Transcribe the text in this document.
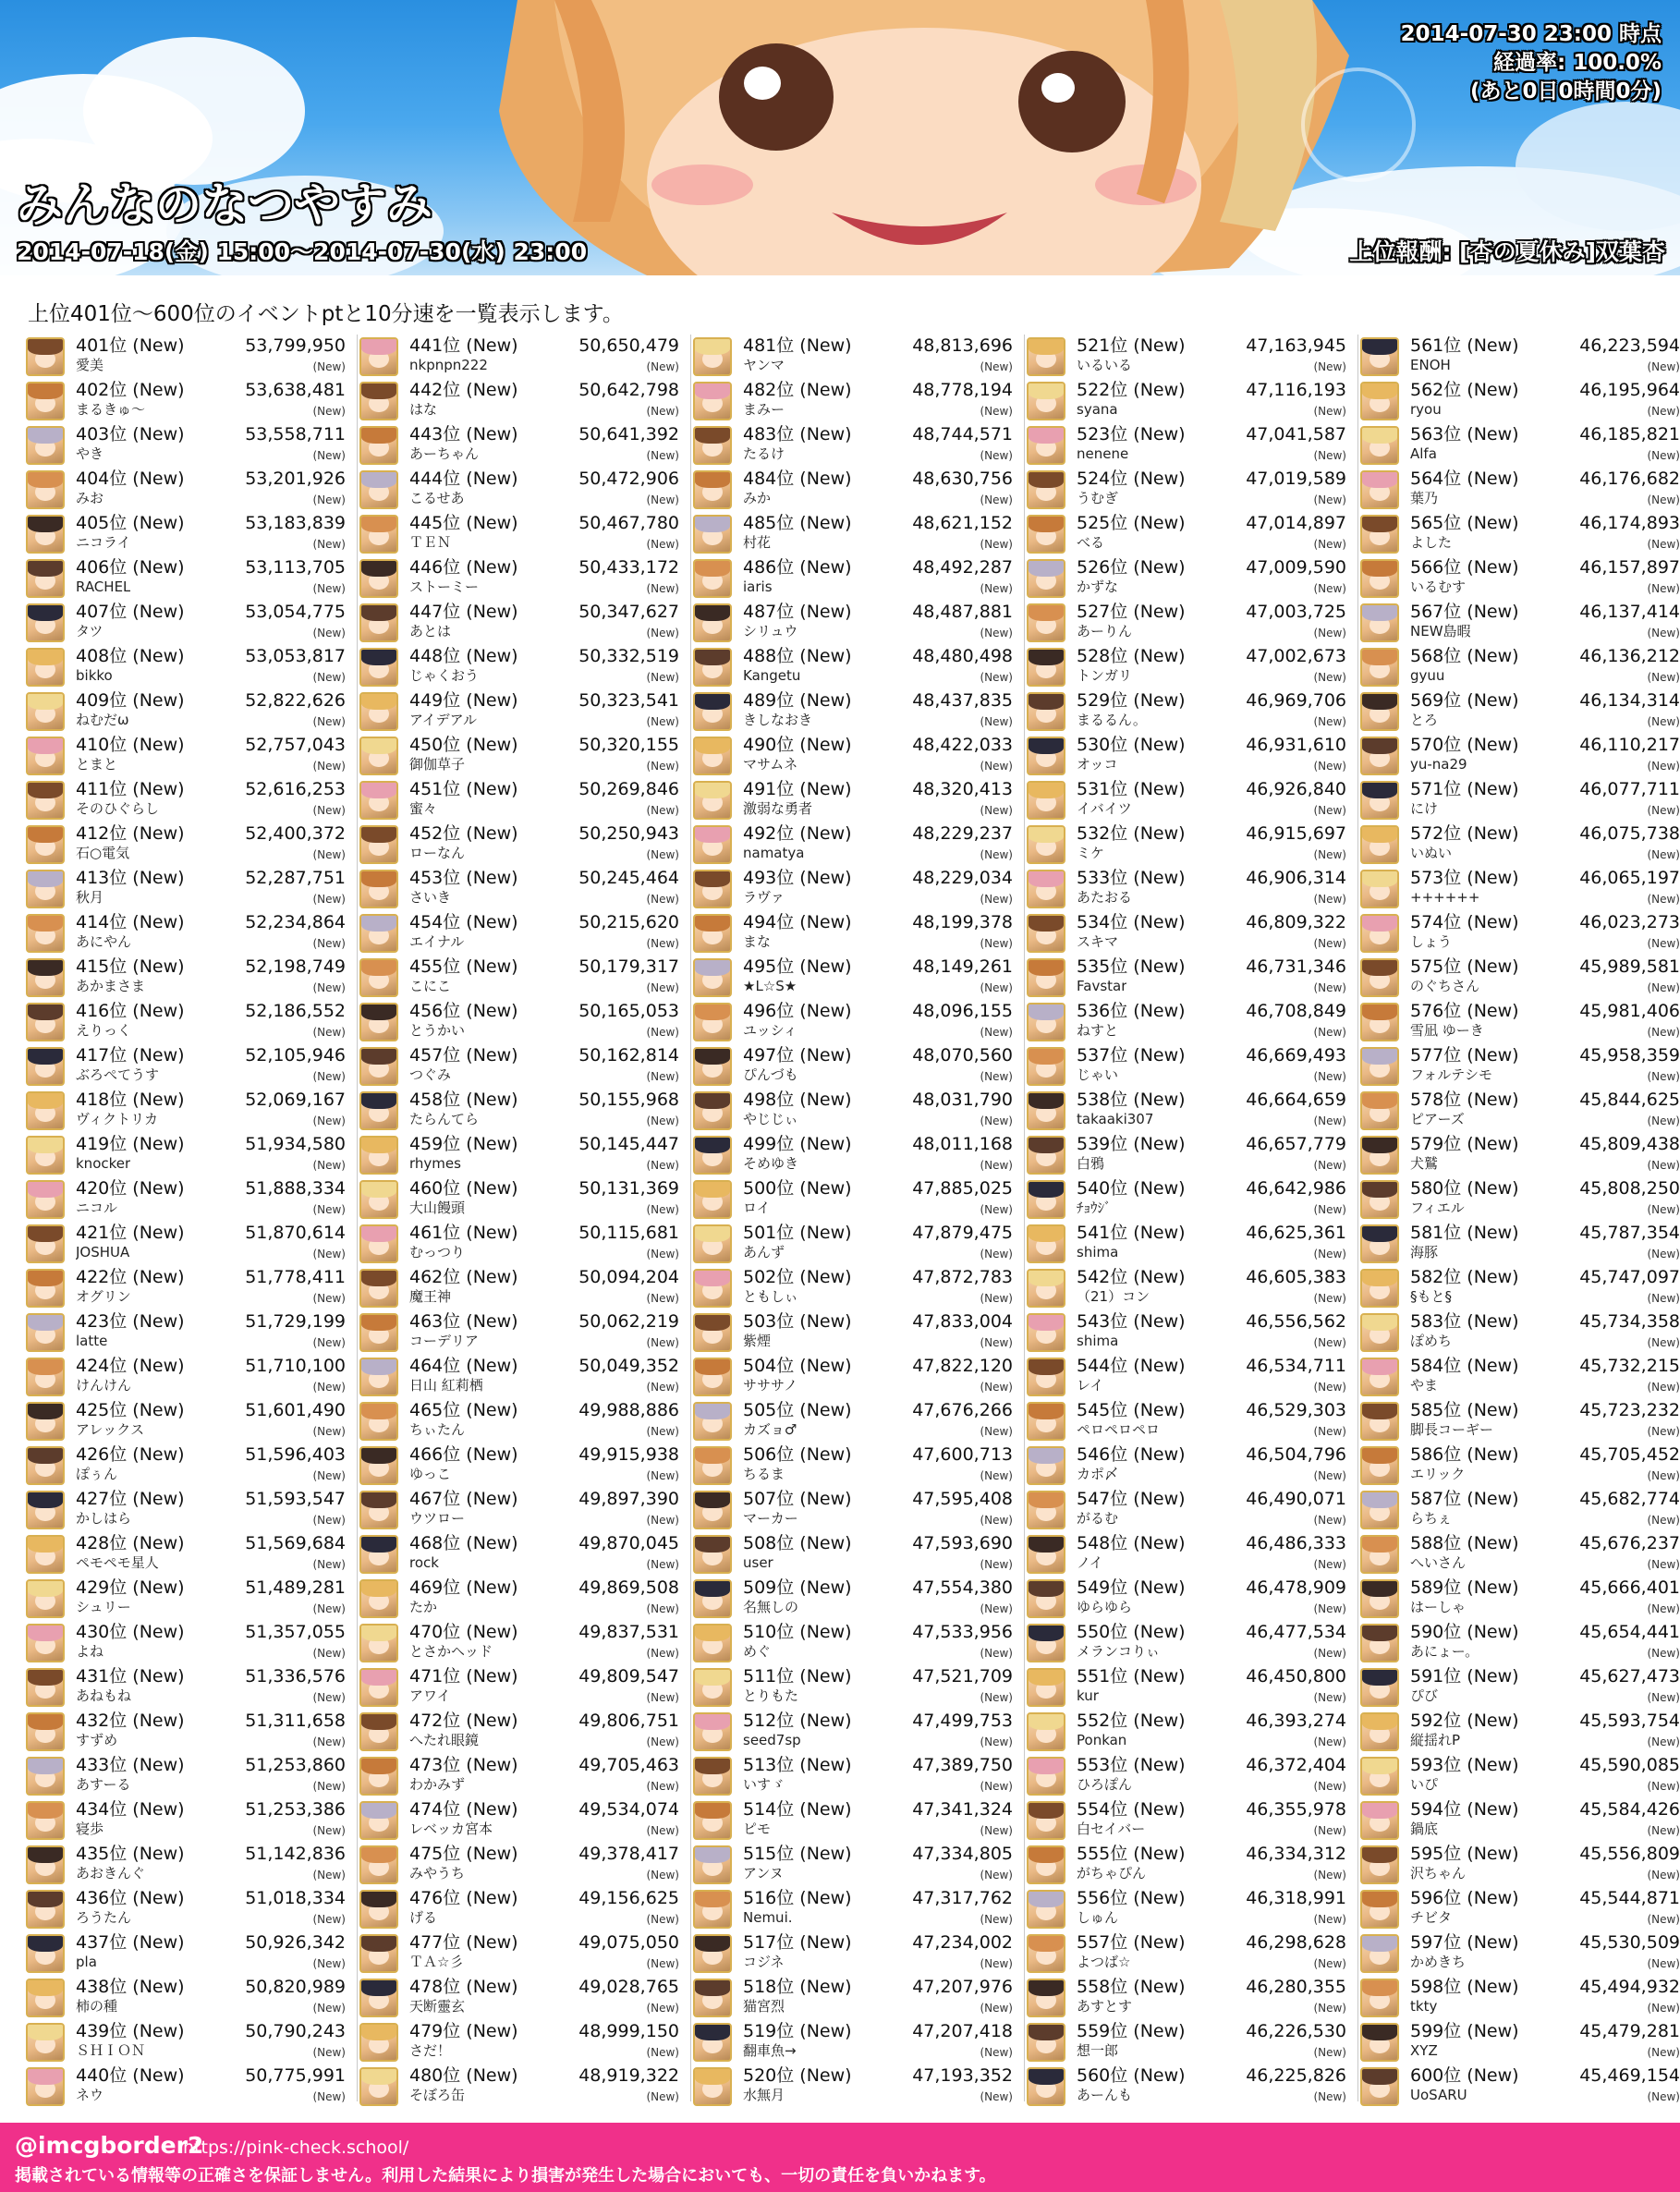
みんなのなつやすみ
2014-07-18(金) 15:00〜2014-07-30(水) 23:00	上位報酬: [杏の夏休み]双葉杏
2014-07-30 23:00 時点
経過率: 100.0%
(あと0日0時間0分)
上位401位〜600位のイベントptと10分速を一覧表示します。
401位 (New)	53,799,950
愛美	(New)
402位 (New)	53,638,481
まるきゅ〜	(New)
403位 (New)	53,558,711
やき	(New)
404位 (New)	53,201,926
みお	(New)
405位 (New)	53,183,839
ニコライ	(New)
406位 (New)	53,113,705
RACHEL	(New)
407位 (New)	53,054,775
タツ	(New)
408位 (New)	53,053,817
bikko	(New)
409位 (New)	52,822,626
ねむだω	(New)
410位 (New)	52,757,043
とまと	(New)
411位 (New)	52,616,253
そのひぐらし	(New)
412位 (New)	52,400,372
石○電気	(New)
413位 (New)	52,287,751
秋月	(New)
414位 (New)	52,234,864
あにやん	(New)
415位 (New)	52,198,749
あかまさま	(New)
416位 (New)	52,186,552
えりっく	(New)
417位 (New)	52,105,946
ぶろぺてうす	(New)
418位 (New)	52,069,167
ヴィクトリカ	(New)
419位 (New)	51,934,580
knocker	(New)
420位 (New)	51,888,334
ニコル	(New)
421位 (New)	51,870,614
JOSHUA	(New)
422位 (New)	51,778,411
オグリン	(New)
423位 (New)	51,729,199
latte	(New)
424位 (New)	51,710,100
けんけん	(New)
425位 (New)	51,601,490
アレックス	(New)
426位 (New)	51,596,403
ぽぅん	(New)
427位 (New)	51,593,547
かしはら	(New)
428位 (New)	51,569,684
ペモペモ星人	(New)
429位 (New)	51,489,281
シュリー	(New)
430位 (New)	51,357,055
よね	(New)
431位 (New)	51,336,576
あねもね	(New)
432位 (New)	51,311,658
すずめ	(New)
433位 (New)	51,253,860
あすーる	(New)
434位 (New)	51,253,386
寝歩	(New)
435位 (New)	51,142,836
あおきんぐ	(New)
436位 (New)	51,018,334
ろうたん	(New)
437位 (New)	50,926,342
pla	(New)
438位 (New)	50,820,989
柿の種	(New)
439位 (New)	50,790,243
ＳＨＩＯＮ	(New)
440位 (New)	50,775,991
ネウ	(New)
441位 (New)	50,650,479
nkpnpn222	(New)
442位 (New)	50,642,798
はな	(New)
443位 (New)	50,641,392
あーちゃん	(New)
444位 (New)	50,472,906
こるせあ	(New)
445位 (New)	50,467,780
ＴＥＮ	(New)
446位 (New)	50,433,172
ストーミー	(New)
447位 (New)	50,347,627
あとは	(New)
448位 (New)	50,332,519
じゃくおう	(New)
449位 (New)	50,323,541
アイデアル	(New)
450位 (New)	50,320,155
御伽草子	(New)
451位 (New)	50,269,846
蜜々	(New)
452位 (New)	50,250,943
ローなん	(New)
453位 (New)	50,245,464
さいき	(New)
454位 (New)	50,215,620
エイナル	(New)
455位 (New)	50,179,317
こにこ	(New)
456位 (New)	50,165,053
とうかい	(New)
457位 (New)	50,162,814
つぐみ	(New)
458位 (New)	50,155,968
たらんてら	(New)
459位 (New)	50,145,447
rhymes	(New)
460位 (New)	50,131,369
大山饅頭	(New)
461位 (New)	50,115,681
むっつり	(New)
462位 (New)	50,094,204
魔王神	(New)
463位 (New)	50,062,219
コーデリア	(New)
464位 (New)	50,049,352
日山 紅莉栖	(New)
465位 (New)	49,988,886
ちぃたん	(New)
466位 (New)	49,915,938
ゆっこ	(New)
467位 (New)	49,897,390
ウツロー	(New)
468位 (New)	49,870,045
rock	(New)
469位 (New)	49,869,508
たか	(New)
470位 (New)	49,837,531
とさかヘッド	(New)
471位 (New)	49,809,547
アワイ	(New)
472位 (New)	49,806,751
へたれ眼鏡	(New)
473位 (New)	49,705,463
わかみず	(New)
474位 (New)	49,534,074
レベッカ宮本	(New)
475位 (New)	49,378,417
みやうち	(New)
476位 (New)	49,156,625
げる	(New)
477位 (New)	49,075,050
ＴＡ☆彡	(New)
478位 (New)	49,028,765
天断靈玄	(New)
479位 (New)	48,999,150
さだ！	(New)
480位 (New)	48,919,322
そぼろ缶	(New)
481位 (New)	48,813,696
ヤンマ	(New)
482位 (New)	48,778,194
まみー	(New)
483位 (New)	48,744,571
たるけ	(New)
484位 (New)	48,630,756
みか	(New)
485位 (New)	48,621,152
村花	(New)
486位 (New)	48,492,287
iaris	(New)
487位 (New)	48,487,881
シリュウ	(New)
488位 (New)	48,480,498
Kangetu	(New)
489位 (New)	48,437,835
きしなおき	(New)
490位 (New)	48,422,033
マサムネ	(New)
491位 (New)	48,320,413
激弱な勇者	(New)
492位 (New)	48,229,237
namatya	(New)
493位 (New)	48,229,034
ラヴァ	(New)
494位 (New)	48,199,378
まな	(New)
495位 (New)	48,149,261
★L☆S★	(New)
496位 (New)	48,096,155
ユッシィ	(New)
497位 (New)	48,070,560
ぴんづも	(New)
498位 (New)	48,031,790
やじじぃ	(New)
499位 (New)	48,011,168
そめゆき	(New)
500位 (New)	47,885,025
ロイ	(New)
501位 (New)	47,879,475
あんず	(New)
502位 (New)	47,872,783
ともしぃ	(New)
503位 (New)	47,833,004
紫煙	(New)
504位 (New)	47,822,120
サササノ	(New)
505位 (New)	47,676,266
カズョ♂	(New)
506位 (New)	47,600,713
ちるま	(New)
507位 (New)	47,595,408
マーカー	(New)
508位 (New)	47,593,690
user	(New)
509位 (New)	47,554,380
名無しの	(New)
510位 (New)	47,533,956
めぐ	(New)
511位 (New)	47,521,709
とりもた	(New)
512位 (New)	47,499,753
seed7sp	(New)
513位 (New)	47,389,750
いすゞ	(New)
514位 (New)	47,341,324
ピモ	(New)
515位 (New)	47,334,805
アンヌ	(New)
516位 (New)	47,317,762
Nemui.	(New)
517位 (New)	47,234,002
コジネ	(New)
518位 (New)	47,207,976
猫宮烈	(New)
519位 (New)	47,207,418
翻車魚→	(New)
520位 (New)	47,193,352
水無月	(New)
521位 (New)	47,163,945
いるいる	(New)
522位 (New)	47,116,193
syana	(New)
523位 (New)	47,041,587
nenene	(New)
524位 (New)	47,019,589
うむぎ	(New)
525位 (New)	47,014,897
べる	(New)
526位 (New)	47,009,590
かずな	(New)
527位 (New)	47,003,725
あーりん	(New)
528位 (New)	47,002,673
トンガリ	(New)
529位 (New)	46,969,706
まるるん。	(New)
530位 (New)	46,931,610
オッコ	(New)
531位 (New)	46,926,840
イバイツ	(New)
532位 (New)	46,915,697
ミケ	(New)
533位 (New)	46,906,314
あたおる	(New)
534位 (New)	46,809,322
スキマ	(New)
535位 (New)	46,731,346
Favstar	(New)
536位 (New)	46,708,849
ねすと	(New)
537位 (New)	46,669,493
じゃい	(New)
538位 (New)	46,664,659
takaaki307	(New)
539位 (New)	46,657,779
白鴉	(New)
540位 (New)	46,642,986
ﾁｮｳｼﾞ	(New)
541位 (New)	46,625,361
shima	(New)
542位 (New)	46,605,383
（21）コン	(New)
543位 (New)	46,556,562
shima	(New)
544位 (New)	46,534,711
レイ	(New)
545位 (New)	46,529,303
ペロペロペロ	(New)
546位 (New)	46,504,796
カポ〆	(New)
547位 (New)	46,490,071
がるむ	(New)
548位 (New)	46,486,333
ノイ	(New)
549位 (New)	46,478,909
ゆらゆら	(New)
550位 (New)	46,477,534
メランコりぃ	(New)
551位 (New)	46,450,800
kur	(New)
552位 (New)	46,393,274
Ponkan	(New)
553位 (New)	46,372,404
ひろぽん	(New)
554位 (New)	46,355,978
白セイバー	(New)
555位 (New)	46,334,312
がちゃぴん	(New)
556位 (New)	46,318,991
しゅん	(New)
557位 (New)	46,298,628
よつば☆	(New)
558位 (New)	46,280,355
あすとす	(New)
559位 (New)	46,226,530
想一郎	(New)
560位 (New)	46,225,826
あーんも	(New)
561位 (New)	46,223,594
ENOH	(New)
562位 (New)	46,195,964
ryou	(New)
563位 (New)	46,185,821
Alfa	(New)
564位 (New)	46,176,682
葉乃	(New)
565位 (New)	46,174,893
よした	(New)
566位 (New)	46,157,897
いるむす	(New)
567位 (New)	46,137,414
NEW島暇	(New)
568位 (New)	46,136,212
gyuu	(New)
569位 (New)	46,134,314
とろ	(New)
570位 (New)	46,110,217
yu-na29	(New)
571位 (New)	46,077,711
にけ	(New)
572位 (New)	46,075,738
いぬい	(New)
573位 (New)	46,065,197
++++++	(New)
574位 (New)	46,023,273
しょう	(New)
575位 (New)	45,989,581
のぐちさん	(New)
576位 (New)	45,981,406
雪凪 ゆーき	(New)
577位 (New)	45,958,359
フォルテシモ	(New)
578位 (New)	45,844,625
ピアーズ	(New)
579位 (New)	45,809,438
犬鷲	(New)
580位 (New)	45,808,250
フィエル	(New)
581位 (New)	45,787,354
海豚	(New)
582位 (New)	45,747,097
§もと§	(New)
583位 (New)	45,734,358
ぽめち	(New)
584位 (New)	45,732,215
やま	(New)
585位 (New)	45,723,232
脚長コーギー	(New)
586位 (New)	45,705,452
エリック	(New)
587位 (New)	45,682,774
らちぇ	(New)
588位 (New)	45,676,237
へいさん	(New)
589位 (New)	45,666,401
はーしゃ	(New)
590位 (New)	45,654,441
あにょー。	(New)
591位 (New)	45,627,473
ぴび	(New)
592位 (New)	45,593,754
縦揺れP	(New)
593位 (New)	45,590,085
いぴ	(New)
594位 (New)	45,584,426
鍋底	(New)
595位 (New)	45,556,809
沢ちゃん	(New)
596位 (New)	45,544,871
チビタ	(New)
597位 (New)	45,530,509
かめきち	(New)
598位 (New)	45,494,932
tkty	(New)
599位 (New)	45,479,281
XYZ	(New)
600位 (New)	45,469,154
UoSARU	(New)
@imcgborder2
https://pink-check.school/
掲載されている情報等の正確さを保証しません。利用した結果により損害が発生した場合においても、一切の責任を負いかねます。
